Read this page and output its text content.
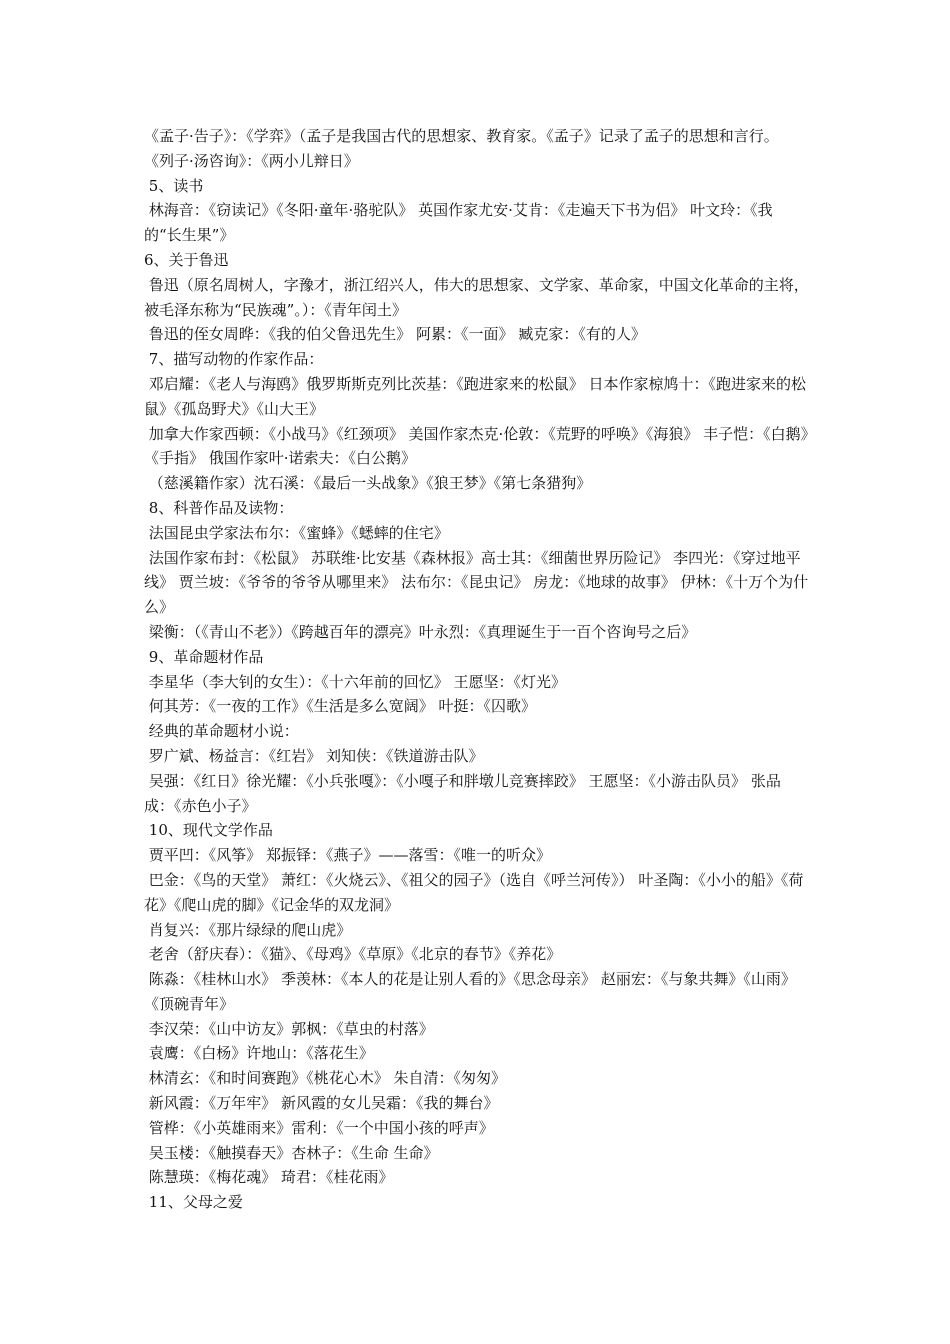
《孟子·告子》：《学弈》（孟子是我国古代的思想家、教育家。《孟子》记录了孟子的思想和言行。 《列子·汤咨询》：《两小儿辩日》

5、读书

林海音：《窃读记》《冬阳·童年·骆驼队》 英国作家尤安·艾肯：《走遍天下书为侣》 叶文玲：《我的“长生果”》

6、关于鲁迅

鲁迅（原名周树人，字豫才，浙江绍兴人，伟大的思想家、文学家、革命家，中国文化革命的主将，被毛泽东称为“民族魂”。）：《青年闰土》

鲁迅的侄女周晔：《我的伯父鲁迅先生》 阿累：《一面》 臧克家：《有的人》

7、描写动物的作家作品：

邓启耀：《老人与海鸥》俄罗斯斯克列比茨基：《跑进家来的松鼠》 日本作家椋鸠十：《跑进家来的松鼠》《孤岛野犬》《山大王》

加拿大作家西顿：《小战马》《红颈项》 美国作家杰克·伦敦：《荒野的呼唤》《海狼》 丰子恺：《白鹅》《手指》 俄国作家叶·诺索夫：《白公鹅》

（慈溪籍作家）沈石溪：《最后一头战象》《狼王梦》《第七条猎狗》

8、科普作品及读物：

法国昆虫学家法布尔：《蜜蜂》《蟋蟀的住宅》

法国作家布封：《松鼠》 苏联维·比安基《森林报》高士其：《细菌世界历险记》 李四光：《穿过地平线》 贾兰坡：《爷爷的爷爷从哪里来》 法布尔：《昆虫记》 房龙：《地球的故事》 伊林：《十万个为什么》

梁衡：（《青山不老》）《跨越百年的漂亮》叶永烈：《真理诞生于一百个咨询号之后》

9、革命题材作品

李星华（李大钊的女生）：《十六年前的回忆》 王愿坚：《灯光》

何其芳：《一夜的工作》《生活是多么宽阔》 叶挺：《囚歌》

经典的革命题材小说：

罗广斌、杨益言：《红岩》 刘知侠：《铁道游击队》

吴强：《红日》徐光耀：《小兵张嘎》：《小嘎子和胖墩儿竞赛摔跤》 王愿坚：《小游击队员》 张品成：《赤色小子》

10、现代文学作品

贾平凹：《风筝》 郑振铎：《燕子》——落雪：《唯一的听众》

巴金：《鸟的天堂》 萧红：《火烧云》、《祖父的园子》（选自《呼兰河传》） 叶圣陶：《小小的船》《荷花》《爬山虎的脚》《记金华的双龙洞》

肖复兴：《那片绿绿的爬山虎》

老舍（舒庆春）：《猫》、《母鸡》《草原》《北京的春节》《养花》

陈淼：《桂林山水》 季羡林：《本人的花是让别人看的》《思念母亲》 赵丽宏：《与象共舞》《山雨》《顶碗青年》

李汉荣：《山中访友》郭枫：《草虫的村落》

袁鹰：《白杨》许地山：《落花生》

林清玄：《和时间赛跑》《桃花心木》 朱自清：《匆匆》

新风霞：《万年牢》 新风霞的女儿吴霜：《我的舞台》

管桦：《小英雄雨来》雷利：《一个中国小孩的呼声》

吴玉楼：《触摸春天》杏林子：《生命 生命》

陈慧瑛：《梅花魂》 琦君：《桂花雨》

11、父母之爱
